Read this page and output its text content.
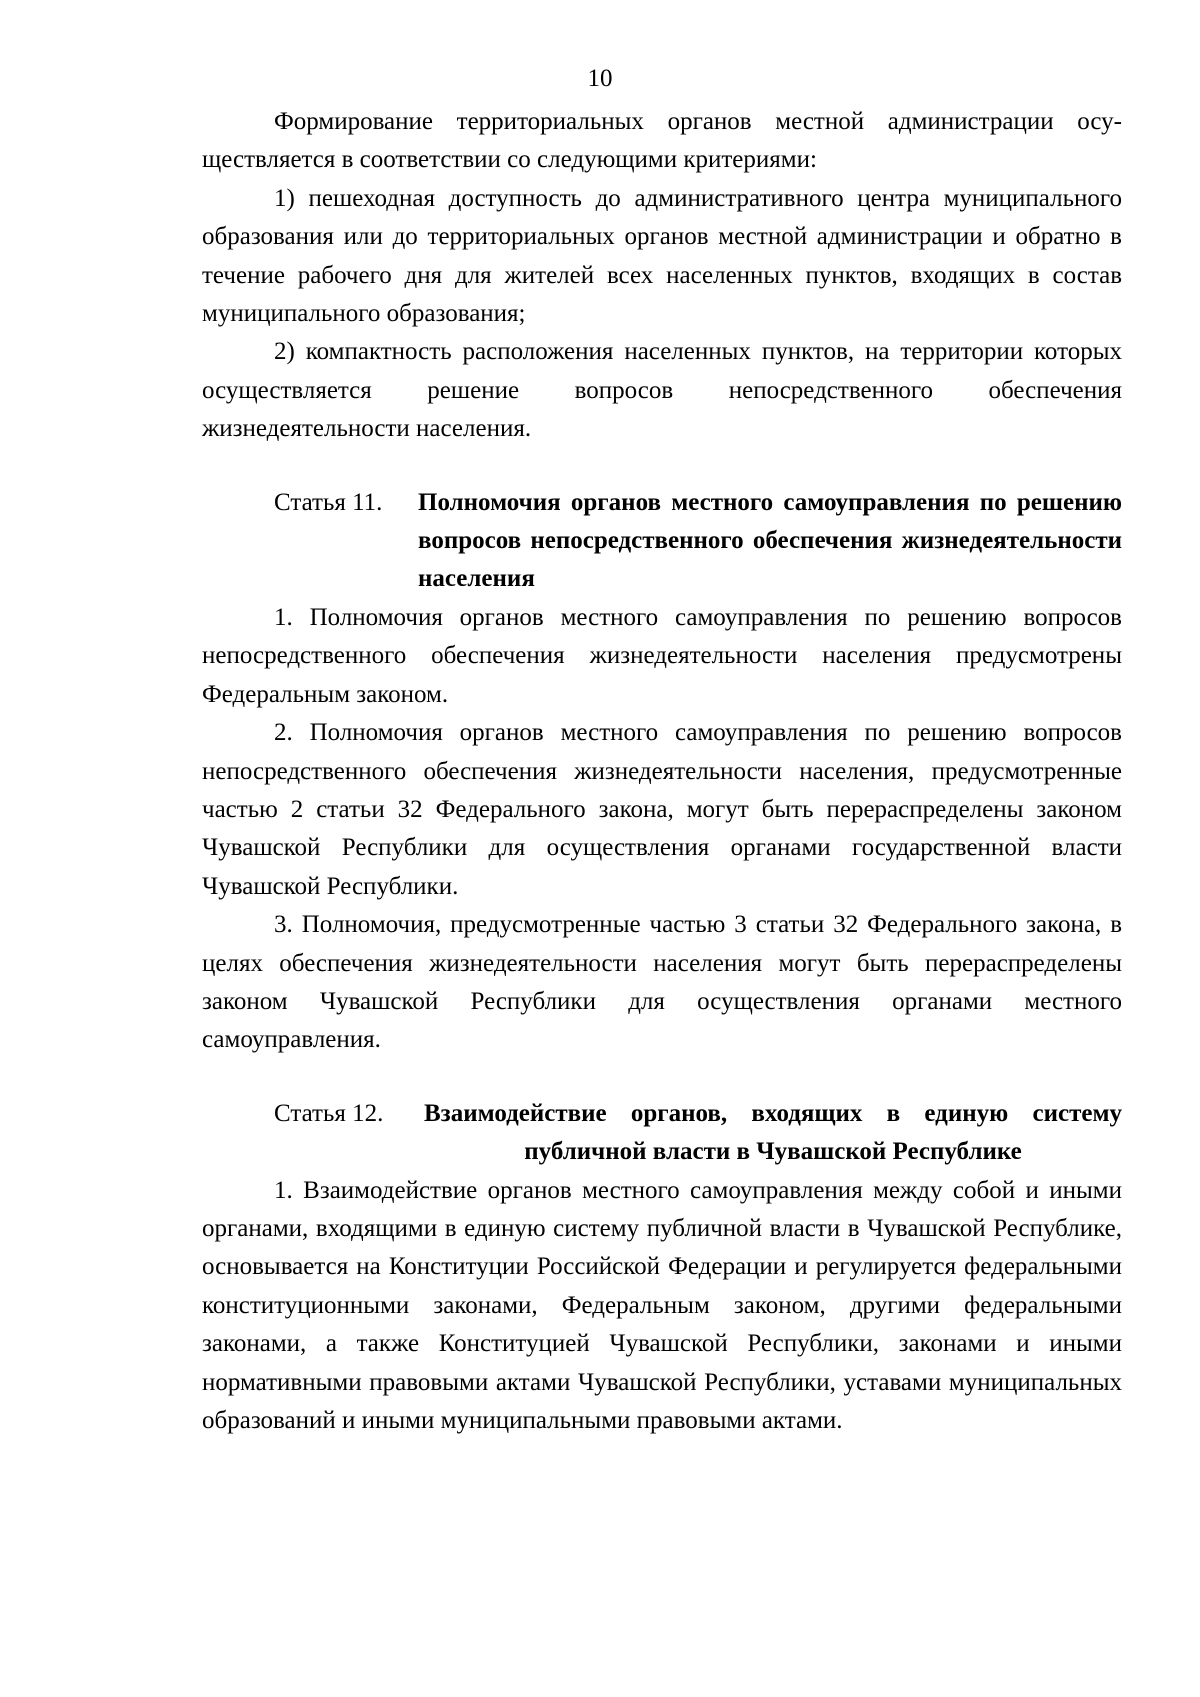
10

Формирование территориальных органов местной администрации осуществляется в соответствии со следующими критериями:

1) пешеходная доступность до административного центра муниципального образования или до территориальных органов местной администрации и обратно в течение рабочего дня для жителей всех населенных пунктов, входящих в состав муниципального образования;

2) компактность расположения населенных пунктов, на территории которых осуществляется решение вопросов непосредственного обеспечения жизнедеятельности населения.

Статья 11.	Полномочия органов местного самоуправления по решению вопросов непосредственного обеспечения жизнедеятельности населения

1. Полномочия органов местного самоуправления по решению вопросов непосредственного обеспечения жизнедеятельности населения предусмотрены Федеральным законом.

2. Полномочия органов местного самоуправления по решению вопросов непосредственного обеспечения жизнедеятельности населения, предусмотренные частью 2 статьи 32 Федерального закона, могут быть перераспределены законом Чувашской Республики для осуществления органами государственной власти Чувашской Республики.

3. Полномочия, предусмотренные частью 3 статьи 32 Федерального закона, в целях обеспечения жизнедеятельности населения могут быть перераспределены законом Чувашской Республики для осуществления органами местного самоуправления.

Статья 12.	Взаимодействие органов, входящих в единую систему публичной власти в Чувашской Республике

1. Взаимодействие органов местного самоуправления между собой и иными органами, входящими в единую систему публичной власти в Чувашской Республике, основывается на Конституции Российской Федерации и регулируется федеральными конституционными законами, Федеральным законом, другими федеральными законами, а также Конституцией Чувашской Республики, законами и иными нормативными правовыми актами Чувашской Республики, уставами муниципальных образований и иными муниципальными правовыми актами.
